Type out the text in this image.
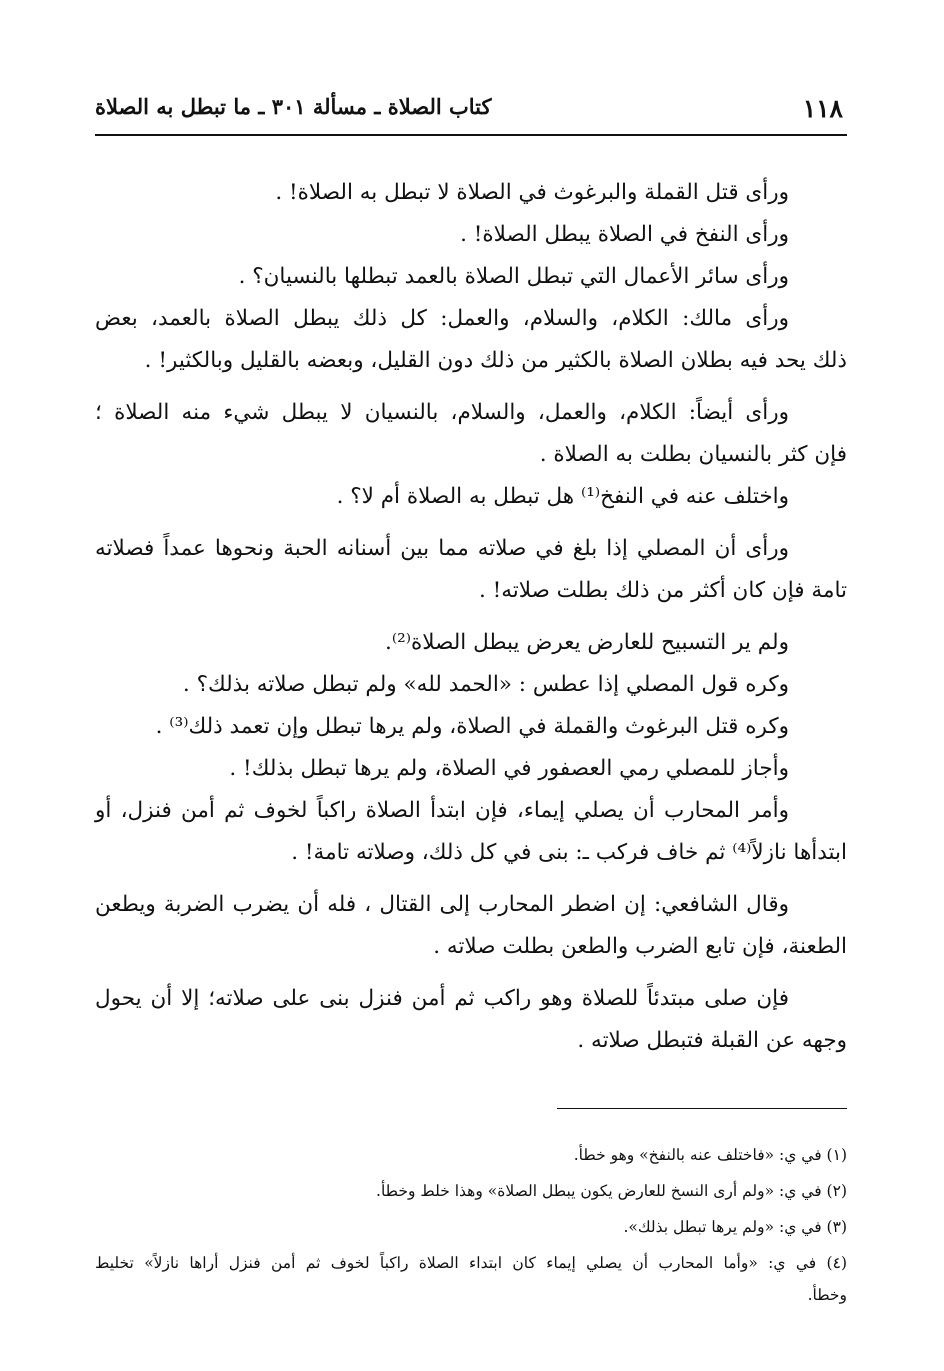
١١٨
كتاب الصلاة ـ مسألة ٣٠١ ـ ما تبطل به الصلاة

ورأى قتل القملة والبرغوث في الصلاة لا تبطل به الصلاة! .

ورأى النفخ في الصلاة يبطل الصلاة! .

ورأى سائر الأعمال التي تبطل الصلاة بالعمد تبطلها بالنسيان؟ .

ورأى مالك: الكلام، والسلام، والعمل: كل ذلك يبطل الصلاة بالعمد، بعض
ذلك يحد فيه بطلان الصلاة بالكثير من ذلك دون القليل، وبعضه بالقليل وبالكثير! .

ورأى أيضاً: الكلام، والعمل، والسلام، بالنسيان لا يبطل شيء منه الصلاة ؛
فإن كثر بالنسيان بطلت به الصلاة .

واختلف عنه في النفخ⁽¹⁾ هل تبطل به الصلاة أم لا؟ .

ورأى أن المصلي إذا بلغ في صلاته مما بين أسنانه الحبة ونحوها عمداً فصلاته
تامة فإن كان أكثر من ذلك بطلت صلاته! .

ولم ير التسبيح للعارض يعرض يبطل الصلاة⁽²⁾.

وكره قول المصلي إذا عطس : «الحمد لله» ولم تبطل صلاته بذلك؟ .

وكره قتل البرغوث والقملة في الصلاة، ولم يرها تبطل وإن تعمد ذلك⁽³⁾ .

وأجاز للمصلي رمي العصفور في الصلاة، ولم يرها تبطل بذلك! .

وأمر المحارب أن يصلي إيماء، فإن ابتدأ الصلاة راكباً لخوف ثم أمن فنزل، أو
ابتدأها نازلاً⁽⁴⁾ ثم خاف فركب ـ: بنى في كل ذلك، وصلاته تامة! .

وقال الشافعي: إن اضطر المحارب إلى القتال ، فله أن يضرب الضربة ويطعن
الطعنة، فإن تابع الضرب والطعن بطلت صلاته .

فإن صلى مبتدئاً للصلاة وهو راكب ثم أمن فنزل بنى على صلاته؛ إلا أن يحول
وجهه عن القبلة فتبطل صلاته .

(١) في ي: «فاختلف عنه بالنفخ» وهو خطأ.

(٢) في ي: «ولم أرى النسخ للعارض يكون يبطل الصلاة» وهذا خلط وخطأ.

(٣) في ي: «ولم يرها تبطل بذلك».

(٤) في ي: «وأما المحارب أن يصلي إيماء كان ابتداء الصلاة راكباً لخوف ثم أمن فنزل أراها نازلاً» تخليط
وخطأ.
